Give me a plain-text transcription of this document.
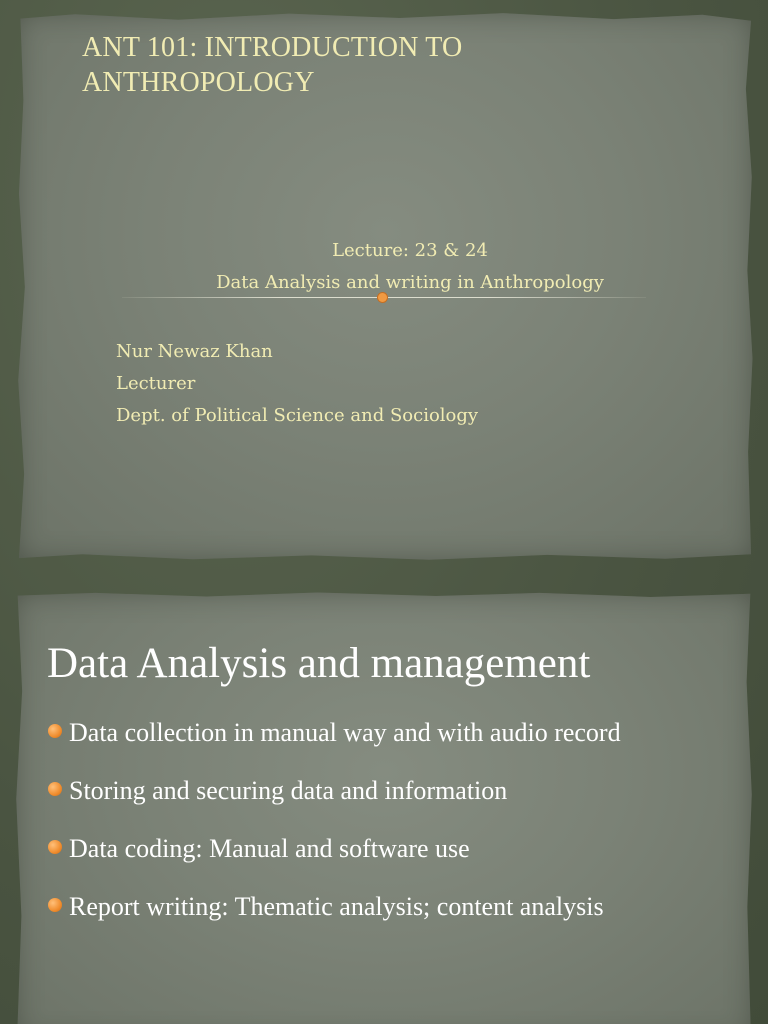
ANT 101: INTRODUCTION TO ANTHROPOLOGY
Lecture: 23 & 24
Data Analysis and writing in Anthropology
Nur Newaz Khan
Lecturer
Dept. of Political Science and Sociology
Data Analysis and management
Data collection in manual way and with audio record
Storing and securing data and information
Data coding: Manual and software use
Report writing: Thematic analysis; content analysis
